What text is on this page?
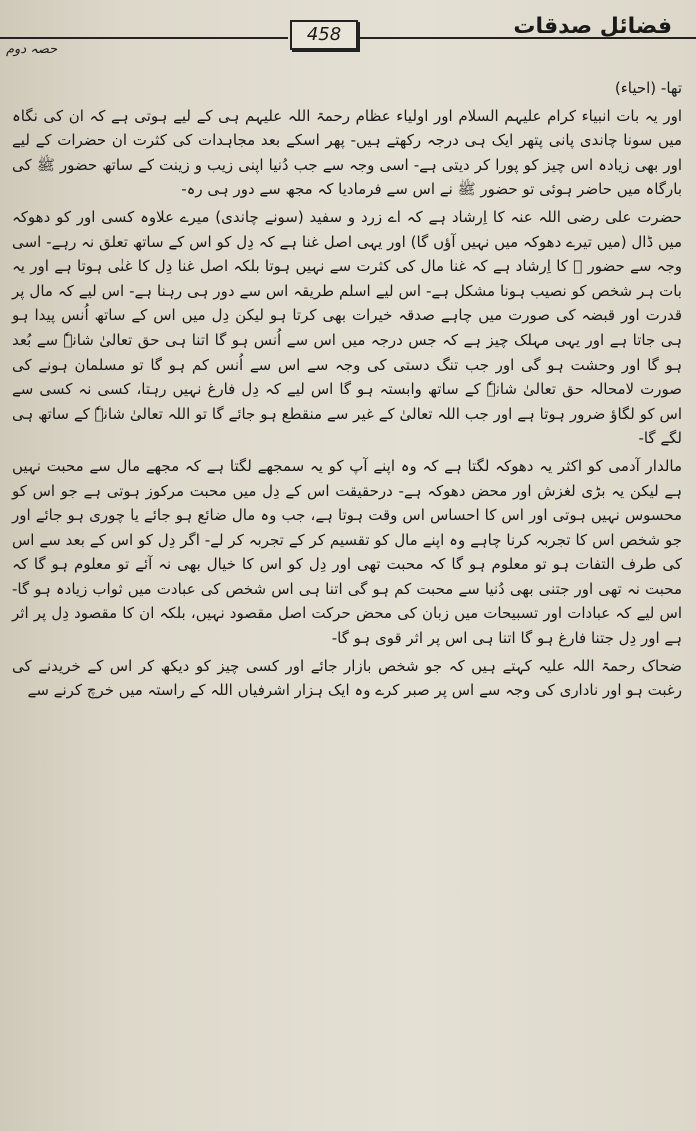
فضائل صدقات
458
حصہ دوم

تھا- (احیاء)

اور یہ بات انبیاء کرام علیہم السلام اور اولیاء عظام رحمۃ اللہ علیہم ہی کے لیے ہوتی ہے کہ ان کی نگاہ میں سونا چاندی پانی پتھر ایک ہی درجہ رکھتے ہیں- پھر اسکے بعد مجاہدات کی کثرت ان حضرات کے لیے اور بھی زیادہ اس چیز کو پورا کر دیتی ہے- اسی وجہ سے جب دُنیا اپنی زیب و زینت کے ساتھ حضور ﷺ کی بارگاہ میں حاضر ہوئی تو حضور ﷺ نے اس سے فرمادیا کہ مجھ سے دور ہی رہ-

حضرت علی رضی اللہ عنہ کا اِرشاد ہے کہ اے زرد و سفید (سونے چاندی) میرے علاوہ کسی اور کو دھوکہ میں ڈال (میں تیرے دھوکہ میں نہیں آؤں گا) اور یہی اصل غنا ہے کہ دِل کو اس کے ساتھ تعلق نہ رہے- اسی وجہ سے حضور ﷺ کا اِرشاد ہے کہ غنا مال کی کثرت سے نہیں ہوتا بلکہ اصل غنا دِل کا غنٰی ہوتا ہے اور یہ بات ہر شخص کو نصیب ہونا مشکل ہے- اس لیے اسلم طریقہ اس سے دور ہی رہنا ہے- اس لیے کہ مال پر قدرت اور قبضہ کی صورت میں چاہے صدقہ خیرات بھی کرتا ہو لیکن دِل میں اس کے ساتھ اُنس پیدا ہو ہی جاتا ہے اور یہی مہلک چیز ہے کہ جس درجہ میں اس سے اُنس ہو گا اتنا ہی حق تعالیٰ شانہٗ سے بُعد ہو گا اور وحشت ہو گی اور جب تنگ دستی کی وجہ سے اس سے اُنس کم ہو گا تو مسلمان ہونے کی صورت لامحالہ حق تعالیٰ شانہٗ کے ساتھ وابستہ ہو گا اس لیے کہ دِل فارغ نہیں رہتا، کسی نہ کسی سے اس کو لگاؤ ضرور ہوتا ہے اور جب اللہ تعالیٰ کے غیر سے منقطع ہو جائے گا تو اللہ تعالیٰ شانہٗ کے ساتھ ہی لگے گا-

مالدار آدمی کو اکثر یہ دھوکہ لگتا ہے کہ وہ اپنے آپ کو یہ سمجھے لگتا ہے کہ مجھے مال سے محبت نہیں ہے لیکن یہ بڑی لغزش اور محض دھوکہ ہے- درحقیقت اس کے دِل میں محبت مرکوز ہوتی ہے جو اس کو محسوس نہیں ہوتی اور اس کا احساس اس وقت ہوتا ہے، جب وہ مال ضائع ہو جائے یا چوری ہو جائے اور جو شخص اس کا تجربہ کرنا چاہے وہ اپنے مال کو تقسیم کر کے تجربہ کر لے- اگر دِل کو اس کے بعد سے اس کی طرف التفات ہو تو معلوم ہو گا کہ محبت تھی اور دِل کو اس کا خیال بھی نہ آئے تو معلوم ہو گا کہ محبت نہ تھی اور جتنی بھی دُنیا سے محبت کم ہو گی اتنا ہی اس شخص کی عبادت میں ثواب زیادہ ہو گا- اس لیے کہ عبادات اور تسبیحات میں زبان کی محض حرکت اصل مقصود نہیں، بلکہ ان کا مقصود دِل پر اثر ہے اور دِل جتنا فارغ ہو گا اتنا ہی اس پر اثر قوی ہو گا-

ضحاک رحمۃ اللہ علیہ کہتے ہیں کہ جو شخص بازار جائے اور کسی چیز کو دیکھ کر اس کے خریدنے کی رغبت ہو اور ناداری کی وجہ سے اس پر صبر کرے وہ ایک ہزار اشرفیاں اللہ کے راستہ میں خرچ کرنے سے
